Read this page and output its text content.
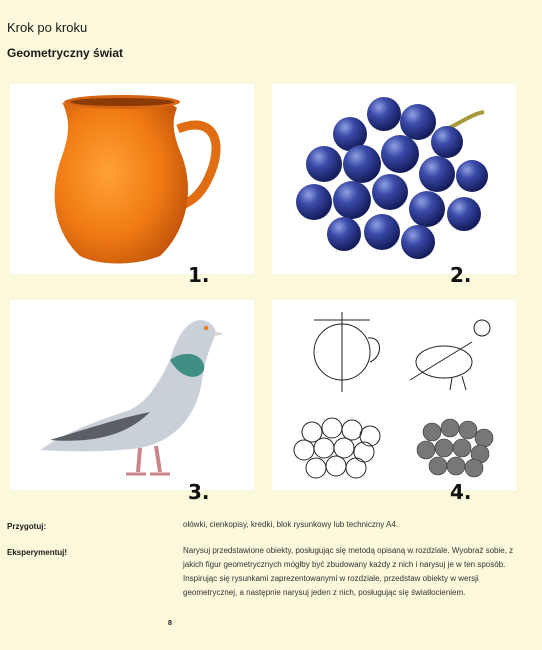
Krok po kroku
Geometryczny świat
1.	2.
3.	4.
Przygotuj:	ołówki, cienkopisy, kredki, blok rysunkowy lub techniczny A4.
Eksperymentuj!	Narysuj przedstawione obiekty, posługując się metodą opisaną w rozdziale. Wyobraź sobie, z jakich figur geometrycznych mógłby być zbudowany każdy z nich i narysuj je w ten sposób. Inspirując się rysunkami zaprezentowanymi w rozdziale, przedstaw obiekty w wersji geometrycznej, a następnie narysuj jeden z nich, posługując się światłocieniem.
8
